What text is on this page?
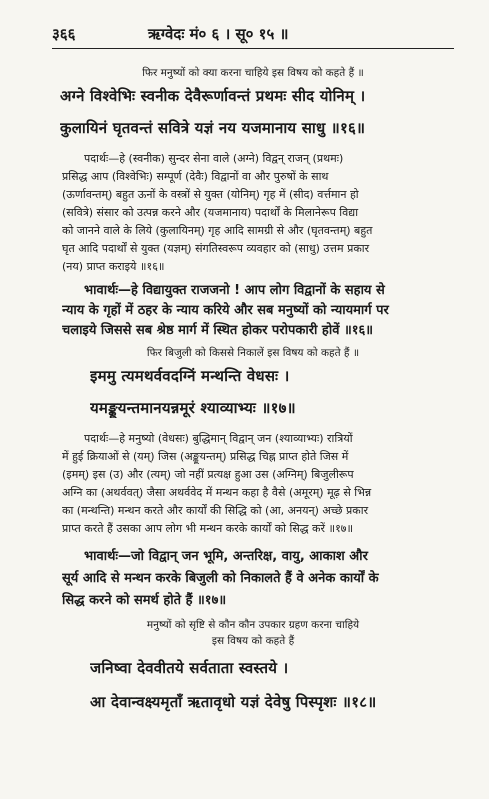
३६६	ऋग्वेदः मं० ६ । सू० १५ ॥
फिर मनुष्यों को क्या करना चाहिये इस विषय को कहते हैं ॥
अग्ने विश्वेभिः स्वनीक देवैरूर्णावन्तं प्रथमः सीद योनिम् ।
कुलायिनं घृतवन्तं सवित्रे यज्ञं नय यजमानाय साधु ॥१६॥
पदार्थः—हे (स्वनीक) सुन्दर सेना वाले (अग्ने) विद्वन् राजन् (प्रथमः)
प्रसिद्ध आप (विश्वेभिः) सम्पूर्ण (देवैः) विद्वानों वा और पुरुषों के साथ
(ऊर्णावन्तम्) बहुत ऊनों के वस्त्रों से युक्त (योनिम्) गृह में (सीद) वर्त्तमान हो
(सवित्रे) संसार को उत्पन्न करने और (यजमानाय) पदार्थों के मिलानेरूप विद्या
को जानने वाले के लिये (कुलायिनम्) गृह आदि सामग्री से और (घृतवन्तम्) बहुत
घृत आदि पदार्थों से युक्त (यज्ञम्) संगतिस्वरूप व्यवहार को (साधु) उत्तम प्रकार
(नय) प्राप्त कराइये ॥१६॥
भावार्थः—हे विद्यायुक्त राजजनो ! आप लोग विद्वानों के सहाय से
न्याय के गृहों में ठहर के न्याय करिये और सब मनुष्यों को न्यायमार्ग पर
चलाइये जिससे सब श्रेष्ठ मार्ग में स्थित होकर परोपकारी होवें ॥१६॥
फिर बिजुली को किससे निकालें इस विषय को कहते हैं ॥
इममु त्यमथर्ववदग्निं मन्थन्ति वेधसः ।
यमङ्कूयन्तमानयन्नमूरं श्याव्याभ्यः ॥१७॥
पदार्थः—हे मनुष्यो (वेधसः) बुद्धिमान् विद्वान् जन (श्याव्याभ्यः) रात्रियों
में हुई क्रियाओं से (यम्) जिस (अङ्कूयन्तम्) प्रसिद्ध चिह्न प्राप्त होते जिस में
(इमम्) इस (उ) और (त्यम्) जो नहीं प्रत्यक्ष हुआ उस (अग्निम्) बिजुलीरूप
अग्नि का (अथर्ववत्) जैसा अथर्ववेद में मन्थन कहा है वैसे (अमूरम्) मूढ़ से भिन्न
का (मन्थन्ति) मन्थन करते और कार्यों की सिद्धि को (आ, अनयन्) अच्छे प्रकार
प्राप्त करते हैं उसका आप लोग भी मन्थन करके कार्यों को सिद्ध करें ॥१७॥
भावार्थः—जो विद्वान् जन भूमि, अन्तरिक्ष, वायु, आकाश और
सूर्य आदि से मन्थन करके बिजुली को निकालते हैं वे अनेक कार्यों के
सिद्ध करने को समर्थ होते हैं ॥१७॥
मनुष्यों को सृष्टि से कौन कौन उपकार ग्रहण करना चाहिये
इस विषय को कहते हैं
जनिष्वा देववीतये सर्वताता स्वस्तये ।
आ देवान्वक्ष्यमृताँ ऋतावृधो यज्ञं देवेषु पिस्पृशः ॥१८॥
